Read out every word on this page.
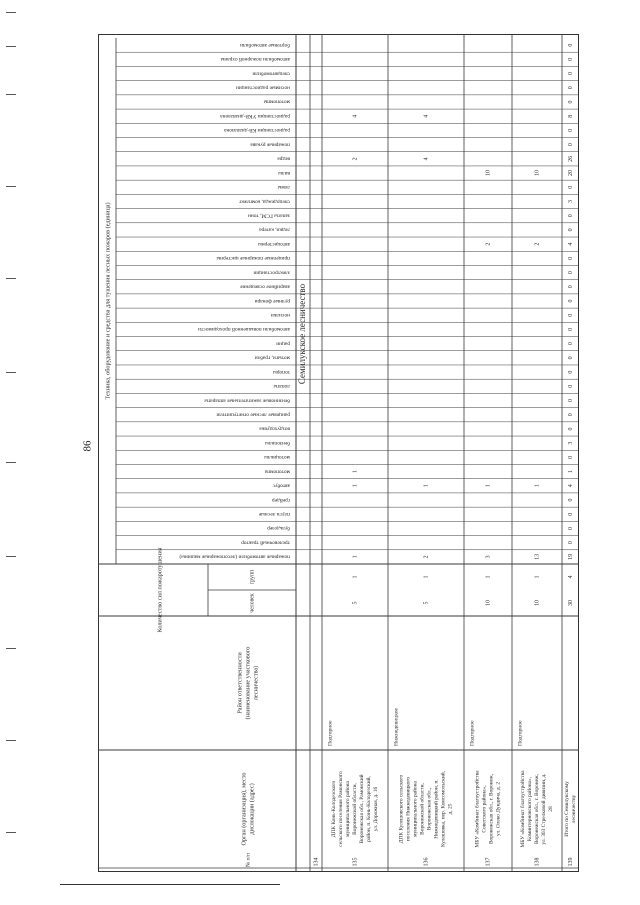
86
Техника, оборудование и средства для тушения лесных пожаров (единица)
Количество сил пожаротушения	групп
человек
Район ответственности (наименование участкового лесничества)
Орган (организация), место дислокации (адрес)
№ п/п
пожарные автомобили (лесопожарные машины)
трелевочный трактор
бульдозер
плуги лесные
грейдер
автобус
мотопомпа
мотоциклы
бензопилы
воздуходувка
ранцевые лесные огнетушители
бензиновые зажигательные аппараты
лопаты
топоры
мотыги, грабли
рации
автомобили повышенной проходимости
носилки
ручные фонари
аварийное освещение
электростанции
прицепные пожарные цистерны
автоцистерны
лодки, катера
запасы ГСМ, тонн
спецодежда, комплект
ломы
вилы
ведра
пожарные рукава
радиостанции КВ-диапазона
радиостанции УКВ-диапазона
мотопомпы
носимые радиостанции
спецавтомобили
автомобили пожарной охраны
бортовые автомобили
Семилукское лесничество
134	135
ДПК Конь-Колодезского сельского поселения Рамонского муниципального района Воронежской области, Воронежская обл., Рамонский район, п. Конь-Колодезский, ул. Дорожная, д. 16
Подгорное
5
1
1
1
1
2
4
136
ДПК Кулешовского сельского поселения Нижнедевицкого муниципального района Воронежской области, Воронежская обл., Нижнедевицкий район, п. Кулешовка, пер. Комсомольский, д. 25
Нижнедевицкое
5
1
2
1
4
4
137
МБУ «Комбинат благоустройства Советского района», Воронежская обл., г. Воронеж, ул. Олеко Дундича, д. 2
Подгорное
10
1
3
1
2
10
138
МБУ «Комбинат благоустройства Коминтерновского района», Воронежская обл., г. Воронеж, ул. 303 Стрелковой дивизии, д. 28
Подгорное
10
1
13
1
2
10
139
Итого по Семилукскому лесничеству
30
4
19
0
0
0
0
4
1
0
3
0
0
0
0
0
0
0
0
0
0
0
0
0
4
0
0
3
0
20
26
0
0
8
0
0
0
0
0
